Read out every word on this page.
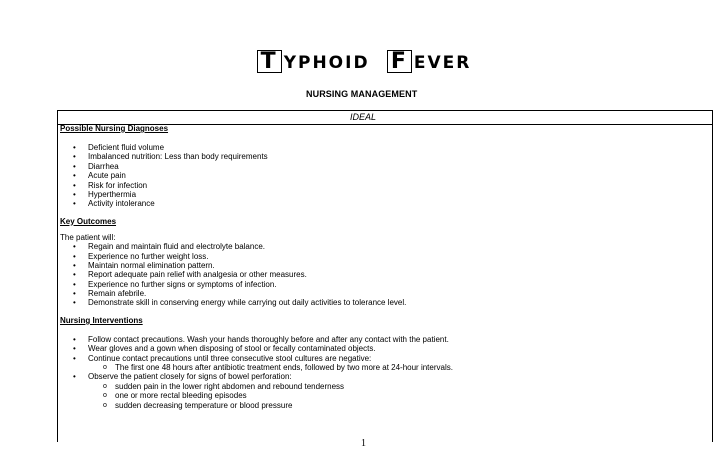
T YPHOID F EVER
NURSING MANAGEMENT
IDEAL
Possible Nursing Diagnoses
• Deficient fluid volume
• Imbalanced nutrition: Less than body requirements
• Diarrhea
• Acute pain
• Risk for infection
• Hyperthermia
• Activity intolerance
Key Outcomes
The patient will:
• Regain and maintain fluid and electrolyte balance.
• Experience no further weight loss.
• Maintain normal elimination pattern.
• Report adequate pain relief with analgesia or other measures.
• Experience no further signs or symptoms of infection.
• Remain afebrile.
• Demonstrate skill in conserving energy while carrying out daily activities to tolerance level.
Nursing Interventions
• Follow contact precautions. Wash your hands thoroughly before and after any contact with the patient.
• Wear gloves and a gown when disposing of stool or fecally contaminated objects.
• Continue contact precautions until three consecutive stool cultures are negative:
o The first one 48 hours after antibiotic treatment ends, followed by two more at 24-hour intervals.
• Observe the patient closely for signs of bowel perforation:
o sudden pain in the lower right abdomen and rebound tenderness
o one or more rectal bleeding episodes
o sudden decreasing temperature or blood pressure
1
